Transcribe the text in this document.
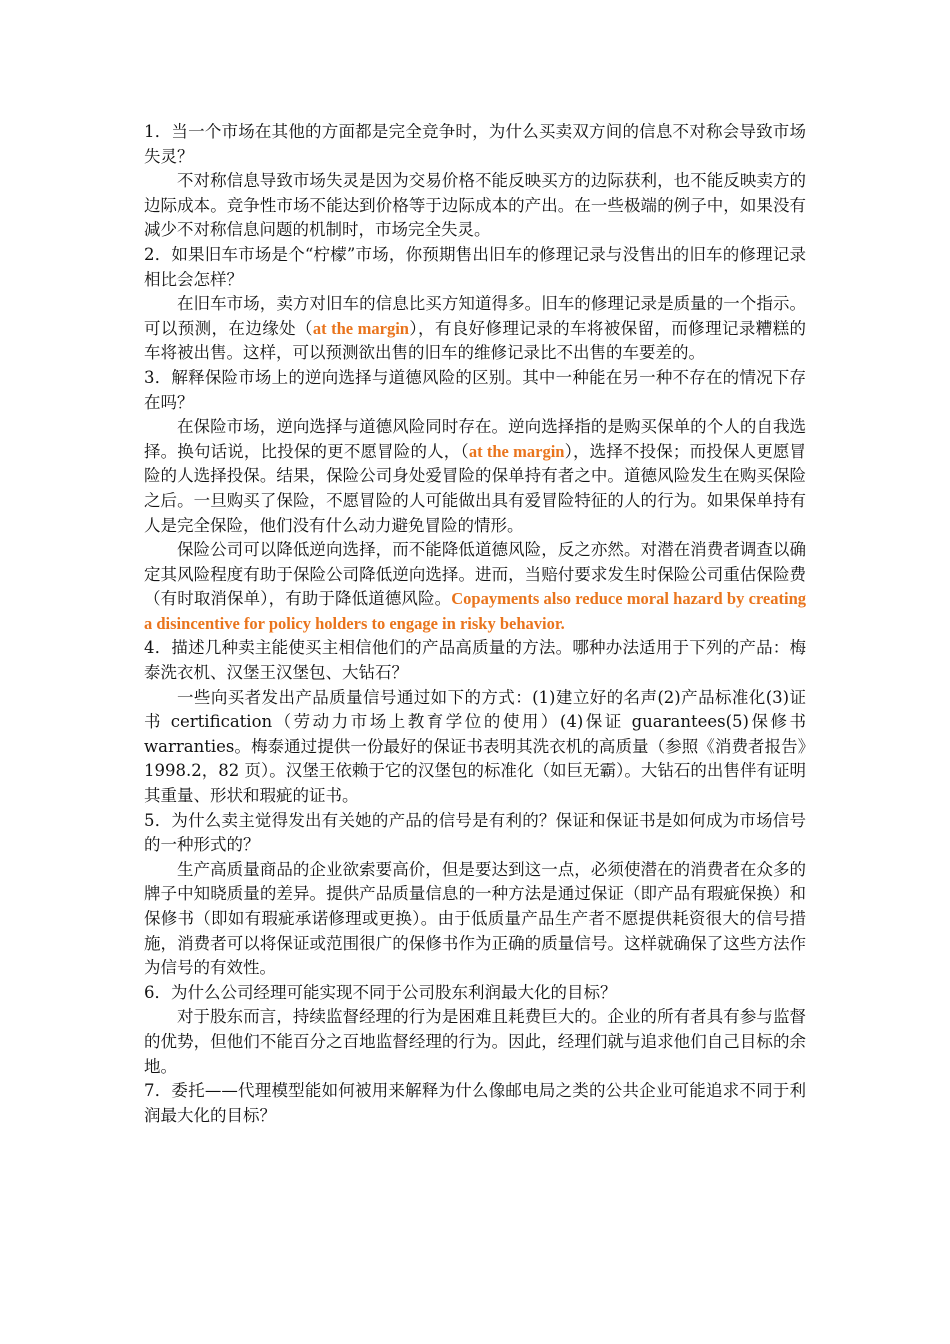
1．当一个市场在其他的方面都是完全竞争时，为什么买卖双方间的信息不对称会导致市场失灵？

不对称信息导致市场失灵是因为交易价格不能反映买方的边际获利，也不能反映卖方的边际成本。竞争性市场不能达到价格等于边际成本的产出。在一些极端的例子中，如果没有减少不对称信息问题的机制时，市场完全失灵。

2．如果旧车市场是个“柠檬”市场，你预期售出旧车的修理记录与没售出的旧车的修理记录相比会怎样？

在旧车市场，卖方对旧车的信息比买方知道得多。旧车的修理记录是质量的一个指示。可以预测，在边缘处（at the margin），有良好修理记录的车将被保留，而修理记录糟糕的车将被出售。这样，可以预测欲出售的旧车的维修记录比不出售的车要差的。

3．解释保险市场上的逆向选择与道德风险的区别。其中一种能在另一种不存在的情况下存在吗？

在保险市场，逆向选择与道德风险同时存在。逆向选择指的是购买保单的个人的自我选择。换句话说，比投保的更不愿冒险的人，（at the margin），选择不投保；而投保人更愿冒险的人选择投保。结果，保险公司身处爱冒险的保单持有者之中。道德风险发生在购买保险之后。一旦购买了保险，不愿冒险的人可能做出具有爱冒险特征的人的行为。如果保单持有人是完全保险，他们没有什么动力避免冒险的情形。

保险公司可以降低逆向选择，而不能降低道德风险，反之亦然。对潜在消费者调查以确定其风险程度有助于保险公司降低逆向选择。进而，当赔付要求发生时保险公司重估保险费（有时取消保单），有助于降低道德风险。Copayments also reduce moral hazard by creating a disincentive for policy holders to engage in risky behavior.

4．描述几种卖主能使买主相信他们的产品高质量的方法。哪种办法适用于下列的产品：梅泰洗衣机、汉堡王汉堡包、大钻石？

一些向买者发出产品质量信号通过如下的方式：(1)建立好的名声(2)产品标准化(3)证书 certification（劳动力市场上教育学位的使用）(4)保证 guarantees(5)保修书 warranties。梅泰通过提供一份最好的保证书表明其洗衣机的高质量（参照《消费者报告》1998.2，82 页）。汉堡王依赖于它的汉堡包的标准化（如巨无霸）。大钻石的出售伴有证明其重量、形状和瑕疵的证书。

5．为什么卖主觉得发出有关她的产品的信号是有利的？保证和保证书是如何成为市场信号的一种形式的？

生产高质量商品的企业欲索要高价，但是要达到这一点，必须使潜在的消费者在众多的牌子中知晓质量的差异。提供产品质量信息的一种方法是通过保证（即产品有瑕疵保换）和保修书（即如有瑕疵承诺修理或更换）。由于低质量产品生产者不愿提供耗资很大的信号措施，消费者可以将保证或范围很广的保修书作为正确的质量信号。这样就确保了这些方法作为信号的有效性。

6．为什么公司经理可能实现不同于公司股东利润最大化的目标？

对于股东而言，持续监督经理的行为是困难且耗费巨大的。企业的所有者具有参与监督的优势，但他们不能百分之百地监督经理的行为。因此，经理们就与追求他们自己目标的余地。

7．委托——代理模型能如何被用来解释为什么像邮电局之类的公共企业可能追求不同于利润最大化的目标？
